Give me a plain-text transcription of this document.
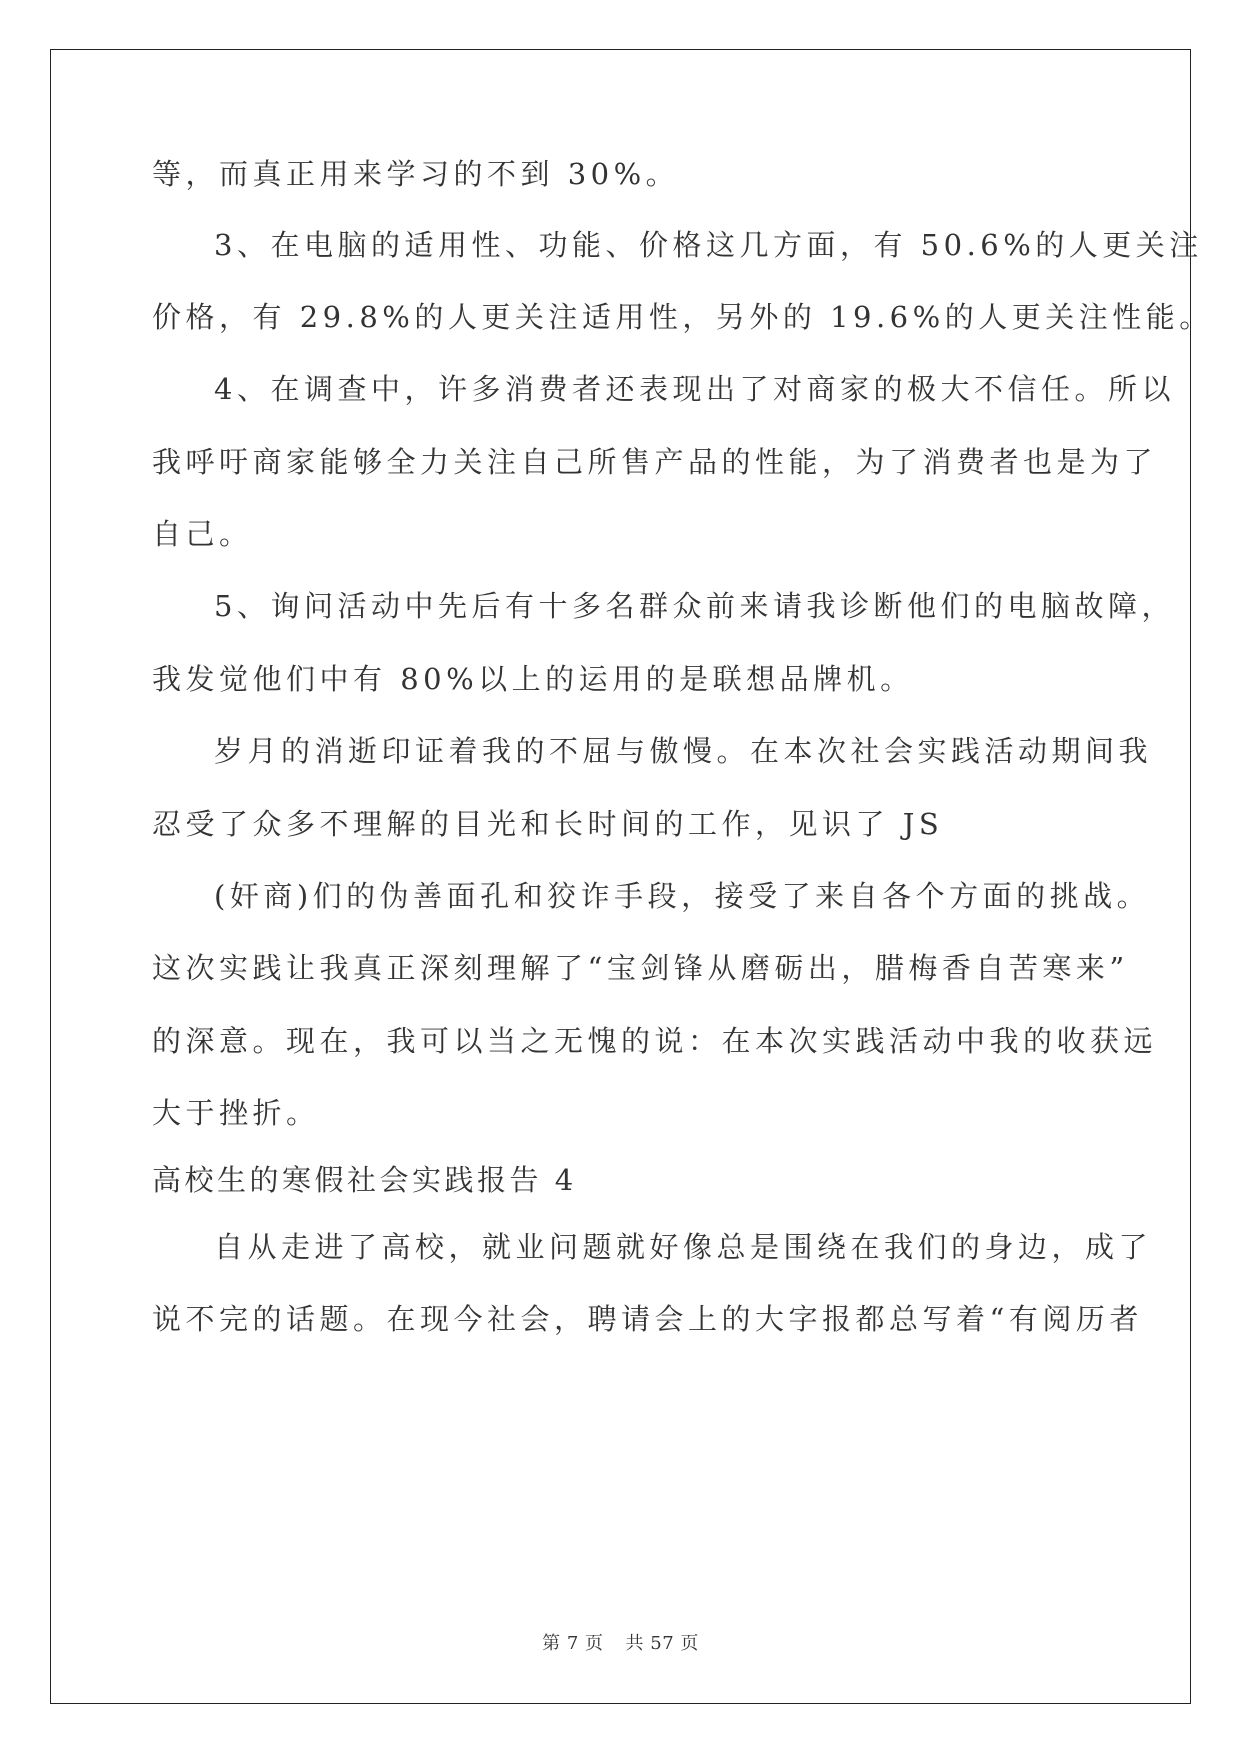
等，而真正用来学习的不到 30%。
3、在电脑的适用性、功能、价格这几方面，有 50.6%的人更关注
价格，有 29.8%的人更关注适用性，另外的 19.6%的人更关注性能。
4、在调查中，许多消费者还表现出了对商家的极大不信任。所以
我呼吁商家能够全力关注自己所售产品的性能，为了消费者也是为了
自己。
5、询问活动中先后有十多名群众前来请我诊断他们的电脑故障，
我发觉他们中有 80%以上的运用的是联想品牌机。
岁月的消逝印证着我的不屈与傲慢。在本次社会实践活动期间我
忍受了众多不理解的目光和长时间的工作，见识了 JS
(奸商)们的伪善面孔和狡诈手段，接受了来自各个方面的挑战。
这次实践让我真正深刻理解了“宝剑锋从磨砺出，腊梅香自苦寒来”
的深意。现在，我可以当之无愧的说：在本次实践活动中我的收获远
大于挫折。
高校生的寒假社会实践报告 4
自从走进了高校，就业问题就好像总是围绕在我们的身边，成了
说不完的话题。在现今社会，聘请会上的大字报都总写着“有阅历者
第 7 页 共 57 页
